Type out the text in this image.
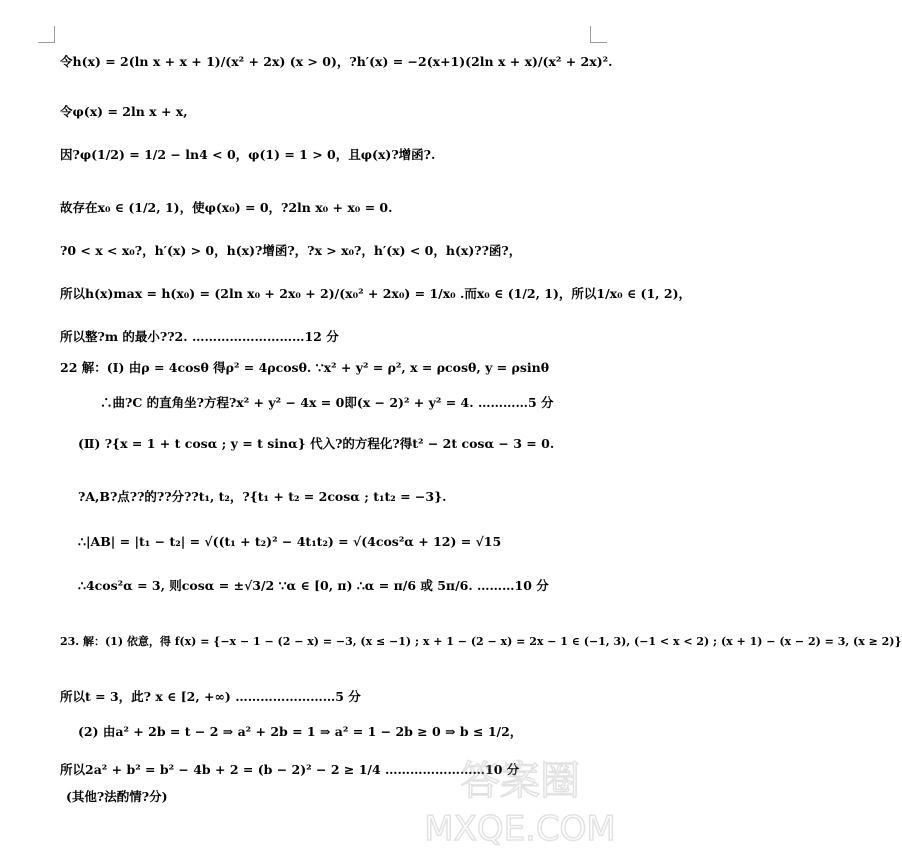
令h(x) = 2(ln x + x + 1)/(x² + 2x) (x > 0)，?h′(x) = −2(x+1)(2ln x + x)/(x² + 2x)².
令φ(x) = 2ln x + x,
因?φ(1/2) = 1/2 − ln4 < 0，φ(1) = 1 > 0，且φ(x)?增函?.
故存在x₀ ∈ (1/2, 1)，使φ(x₀) = 0，?2ln x₀ + x₀ = 0.
?0 < x < x₀?，h′(x) > 0，h(x)?增函?，?x > x₀?，h′(x) < 0，h(x)??函?，
所以h(x)max = h(x₀) = (2ln x₀ + 2x₀ + 2)/(x₀² + 2x₀) = 1/x₀ .而x₀ ∈ (1/2, 1)，所以1/x₀ ∈ (1, 2)，
所以整?m 的最小??2. ………………………12 分
22 解：(Ⅰ) 由ρ = 4cosθ 得ρ² = 4ρcosθ. ∵x² + y² = ρ², x = ρcosθ, y = ρsinθ
∴曲?C 的直角坐?方程?x² + y² − 4x = 0即(x − 2)² + y² = 4. …………5 分
(Ⅱ) ?{x = 1 + t cosα ; y = t sinα} 代入?的方程化?得t² − 2t cosα − 3 = 0.
?A,B?点??的??分??t₁, t₂，?{t₁ + t₂ = 2cosα ; t₁t₂ = −3}.
∴|AB| = |t₁ − t₂| = √((t₁ + t₂)² − 4t₁t₂) = √(4cos²α + 12) = √15
∴4cos²α = 3, 则cosα = ±√3/2 ∵α ∈ [0, π) ∴α = π/6 或 5π/6. ………10 分
23. 解：(1) 依意，得 f(x) = {−x − 1 − (2 − x) = −3, (x ≤ −1) ; x + 1 − (2 − x) = 2x − 1 ∈ (−1, 3), (−1 < x < 2) ; (x + 1) − (x − 2) = 3, (x ≥ 2)}
所以t = 3，此? x ∈ [2, +∞) ……………………5 分
(2) 由a² + 2b = t − 2 ⇒ a² + 2b = 1 ⇒ a² = 1 − 2b ≥ 0 ⇒ b ≤ 1/2，
所以2a² + b² = b² − 4b + 2 = (b − 2)² − 2 ≥ 1/4 ……………………10 分
(其他?法酌情?分)	答案圈
MXQE.COM
